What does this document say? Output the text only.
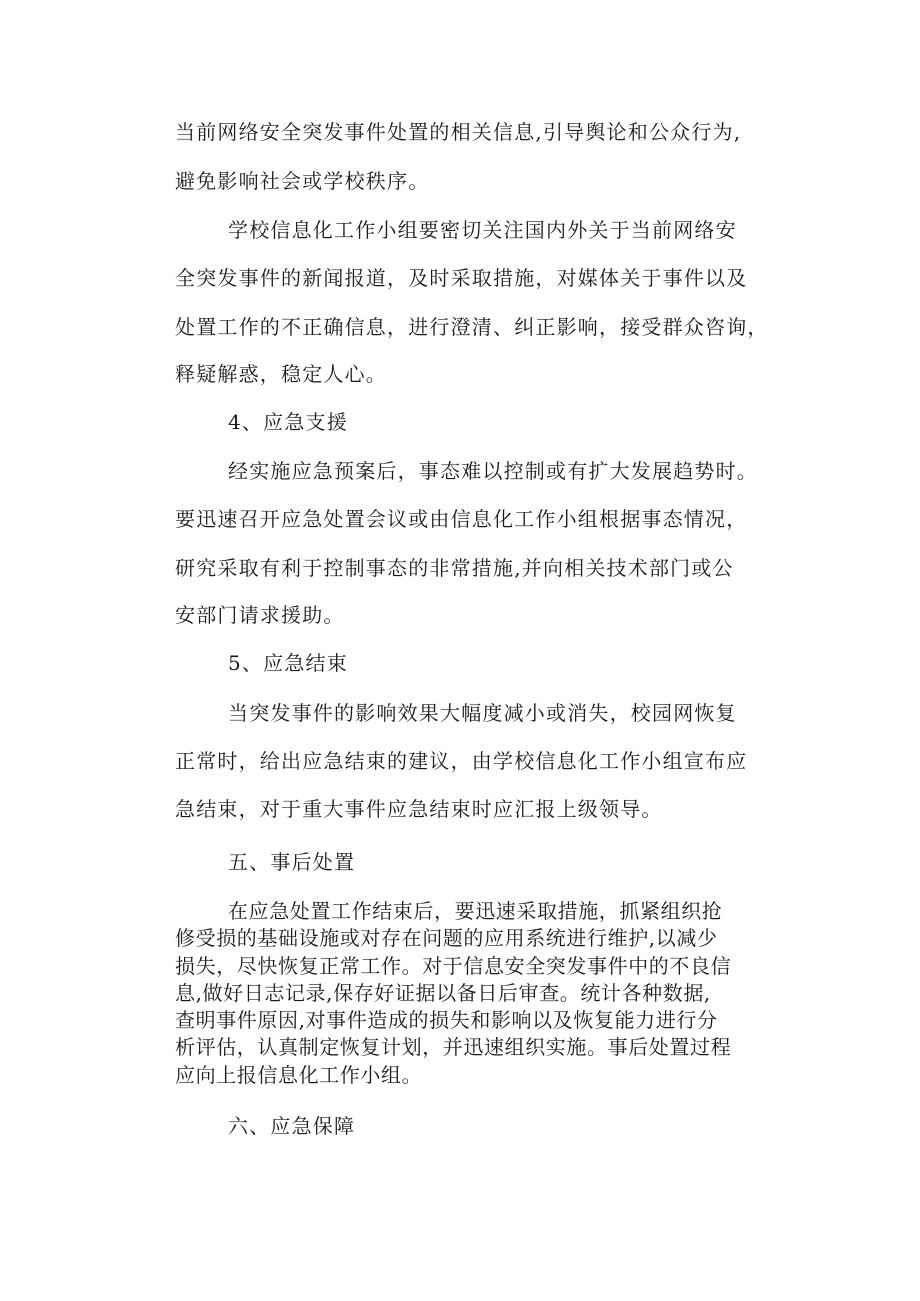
当前网络安全突发事件处置的相关信息,引导舆论和公众行为,
避免影响社会或学校秩序。
学校信息化工作小组要密切关注国内外关于当前网络安
全突发事件的新闻报道，及时采取措施，对媒体关于事件以及
处置工作的不正确信息，进行澄清、纠正影响，接受群众咨询，
释疑解惑，稳定人心。
4、应急支援
经实施应急预案后，事态难以控制或有扩大发展趋势时。
要迅速召开应急处置会议或由信息化工作小组根据事态情况，
研究采取有利于控制事态的非常措施,并向相关技术部门或公
安部门请求援助。
5、应急结束
当突发事件的影响效果大幅度减小或消失，校园网恢复
正常时，给出应急结束的建议，由学校信息化工作小组宣布应
急结束，对于重大事件应急结束时应汇报上级领导。
五、事后处置
在应急处置工作结束后，要迅速采取措施，抓紧组织抢
修受损的基础设施或对存在问题的应用系统进行维护,以减少
损失，尽快恢复正常工作。对于信息安全突发事件中的不良信
息,做好日志记录,保存好证据以备日后审查。统计各种数据,
查明事件原因,对事件造成的损失和影响以及恢复能力进行分
析评估，认真制定恢复计划，并迅速组织实施。事后处置过程
应向上报信息化工作小组。
六、应急保障
